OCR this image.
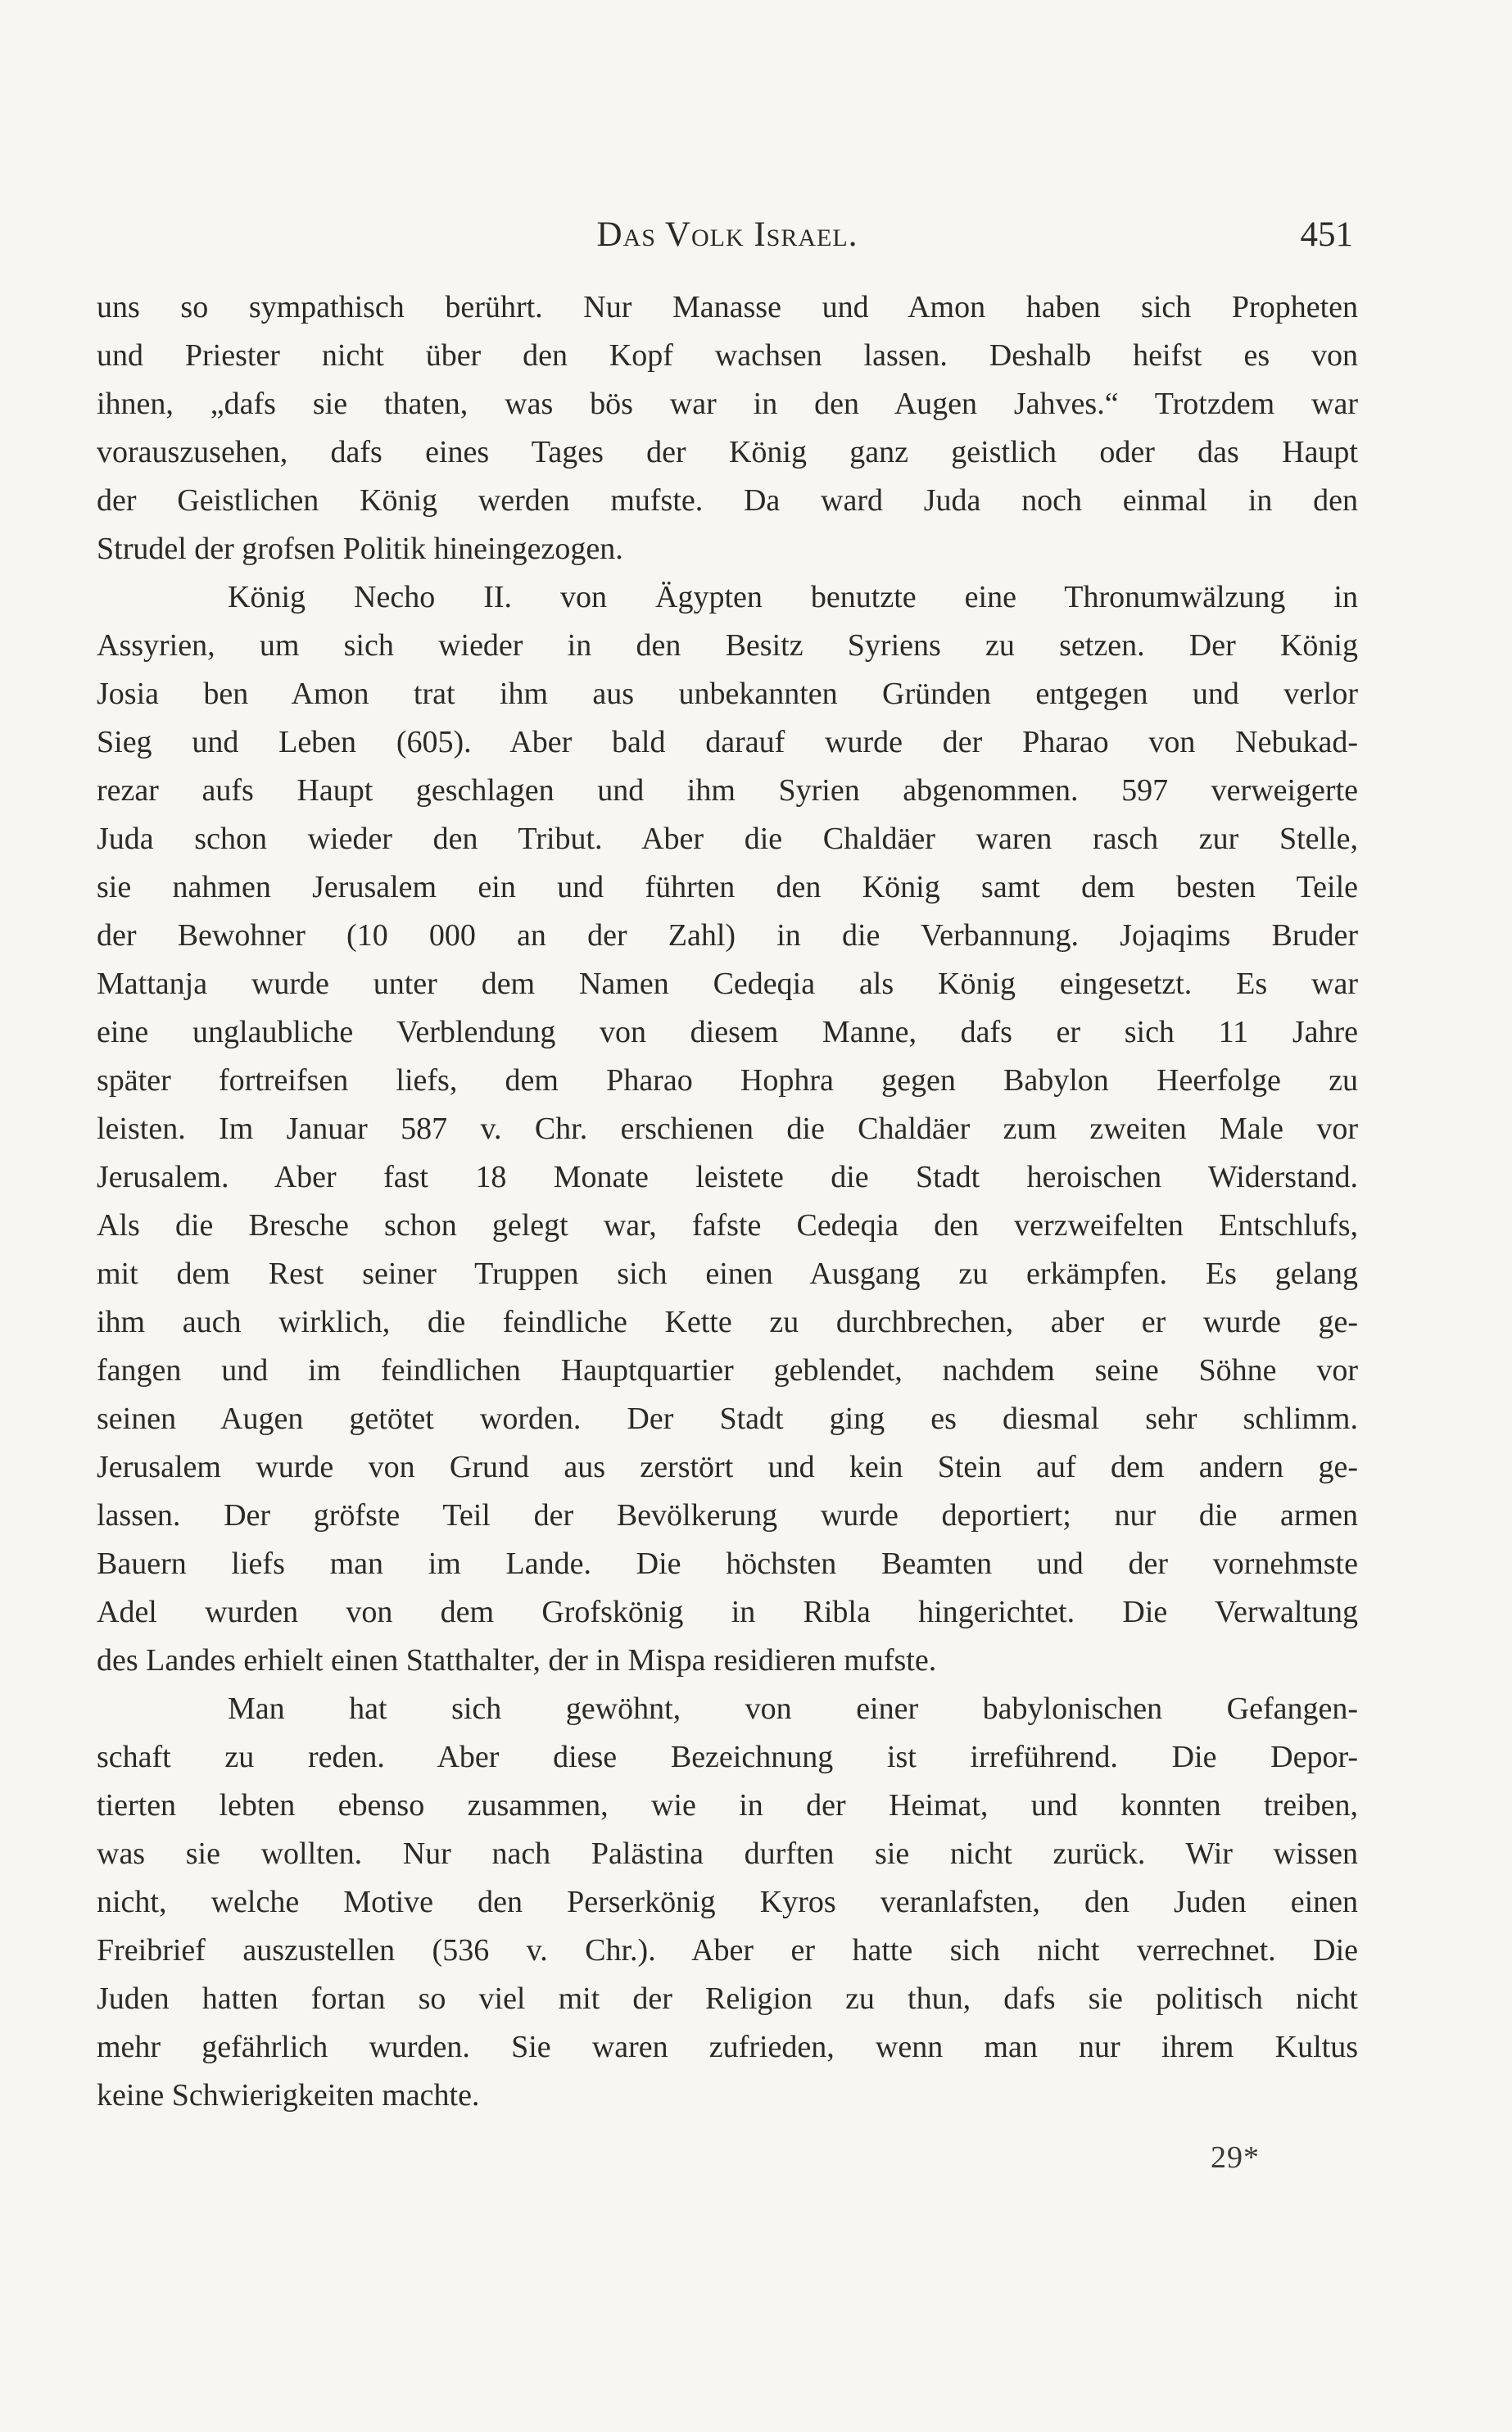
Das Volk Israel.	451
uns so sympathisch berührt. Nur Manasse und Amon haben sich Propheten
und Priester nicht über den Kopf wachsen lassen. Deshalb heifst es von
ihnen, „dafs sie thaten, was bös war in den Augen Jahves.“ Trotzdem war
vorauszusehen, dafs eines Tages der König ganz geistlich oder das Haupt
der Geistlichen König werden mufste. Da ward Juda noch einmal in den
Strudel der grofsen Politik hineingezogen.
König Necho II. von Ägypten benutzte eine Thronumwälzung in
Assyrien, um sich wieder in den Besitz Syriens zu setzen. Der König
Josia ben Amon trat ihm aus unbekannten Gründen entgegen und verlor
Sieg und Leben (605). Aber bald darauf wurde der Pharao von Nebukad-
rezar aufs Haupt geschlagen und ihm Syrien abgenommen. 597 verweigerte
Juda schon wieder den Tribut. Aber die Chaldäer waren rasch zur Stelle,
sie nahmen Jerusalem ein und führten den König samt dem besten Teile
der Bewohner (10 000 an der Zahl) in die Verbannung. Jojaqims Bruder
Mattanja wurde unter dem Namen Cedeqia als König eingesetzt. Es war
eine unglaubliche Verblendung von diesem Manne, dafs er sich 11 Jahre
später fortreifsen liefs, dem Pharao Hophra gegen Babylon Heerfolge zu
leisten. Im Januar 587 v. Chr. erschienen die Chaldäer zum zweiten Male vor
Jerusalem. Aber fast 18 Monate leistete die Stadt heroischen Widerstand.
Als die Bresche schon gelegt war, fafste Cedeqia den verzweifelten Entschlufs,
mit dem Rest seiner Truppen sich einen Ausgang zu erkämpfen. Es gelang
ihm auch wirklich, die feindliche Kette zu durchbrechen, aber er wurde ge-
fangen und im feindlichen Hauptquartier geblendet, nachdem seine Söhne vor
seinen Augen getötet worden. Der Stadt ging es diesmal sehr schlimm.
Jerusalem wurde von Grund aus zerstört und kein Stein auf dem andern ge-
lassen. Der gröfste Teil der Bevölkerung wurde deportiert; nur die armen
Bauern liefs man im Lande. Die höchsten Beamten und der vornehmste
Adel wurden von dem Grofskönig in Ribla hingerichtet. Die Verwaltung
des Landes erhielt einen Statthalter, der in Mispa residieren mufste.
Man hat sich gewöhnt, von einer babylonischen Gefangen-
schaft zu reden. Aber diese Bezeichnung ist irreführend. Die Depor-
tierten lebten ebenso zusammen, wie in der Heimat, und konnten treiben,
was sie wollten. Nur nach Palästina durften sie nicht zurück. Wir wissen
nicht, welche Motive den Perserkönig Kyros veranlafsten, den Juden einen
Freibrief auszustellen (536 v. Chr.). Aber er hatte sich nicht verrechnet. Die
Juden hatten fortan so viel mit der Religion zu thun, dafs sie politisch nicht
mehr gefährlich wurden. Sie waren zufrieden, wenn man nur ihrem Kultus
keine Schwierigkeiten machte.
29*
